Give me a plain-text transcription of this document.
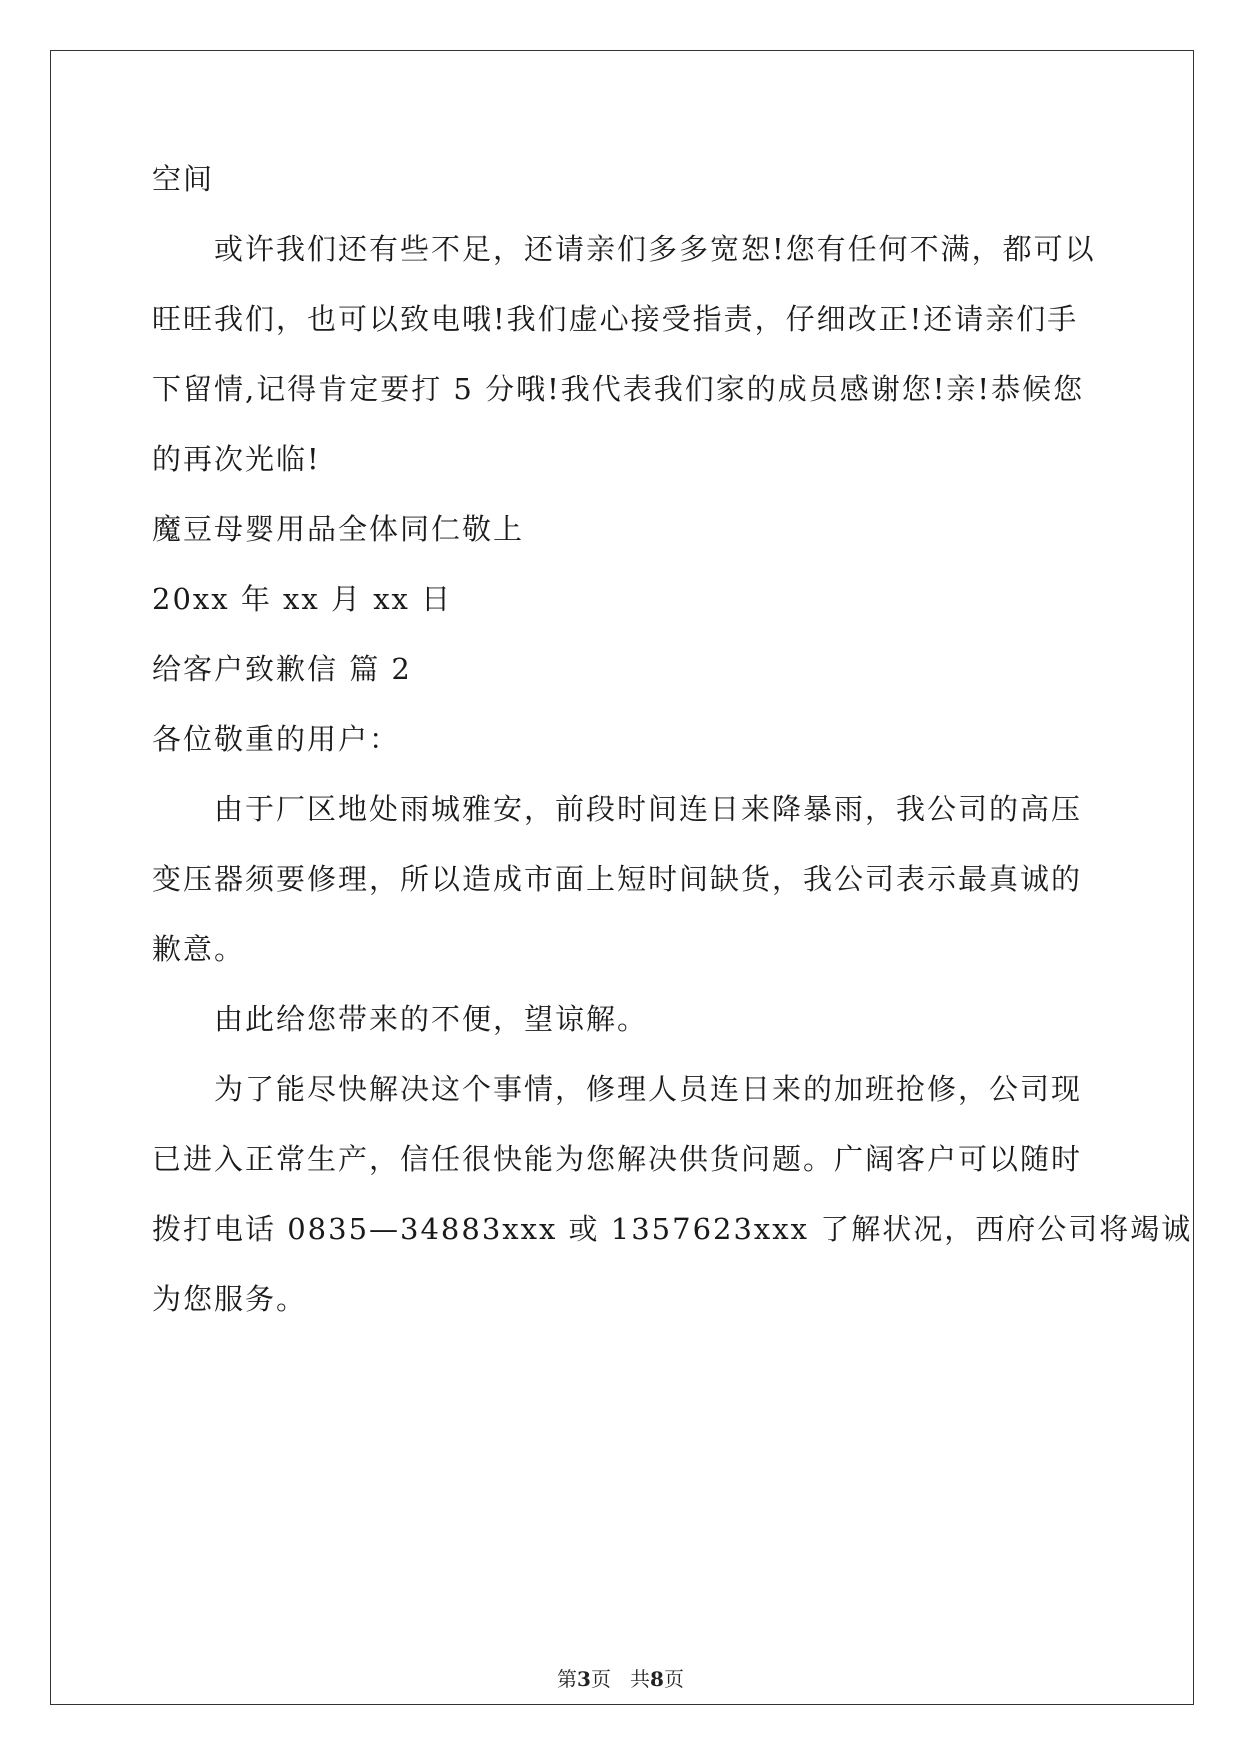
空间
　　或许我们还有些不足，还请亲们多多宽恕!您有任何不满，都可以
旺旺我们，也可以致电哦!我们虚心接受指责，仔细改正!还请亲们手
下留情,记得肯定要打 5 分哦!我代表我们家的成员感谢您!亲!恭候您
的再次光临!
魔豆母婴用品全体同仁敬上
20xx 年 xx 月 xx 日
给客户致歉信 篇 2
各位敬重的用户：
　　由于厂区地处雨城雅安，前段时间连日来降暴雨，我公司的高压
变压器须要修理，所以造成市面上短时间缺货，我公司表示最真诚的
歉意。
　　由此给您带来的不便，望谅解。
　　为了能尽快解决这个事情，修理人员连日来的加班抢修，公司现
已进入正常生产，信任很快能为您解决供货问题。广阔客户可以随时
拨打电话 0835—34883xxx 或 1357623xxx 了解状况，西府公司将竭诚
为您服务。
第3页   共8页
